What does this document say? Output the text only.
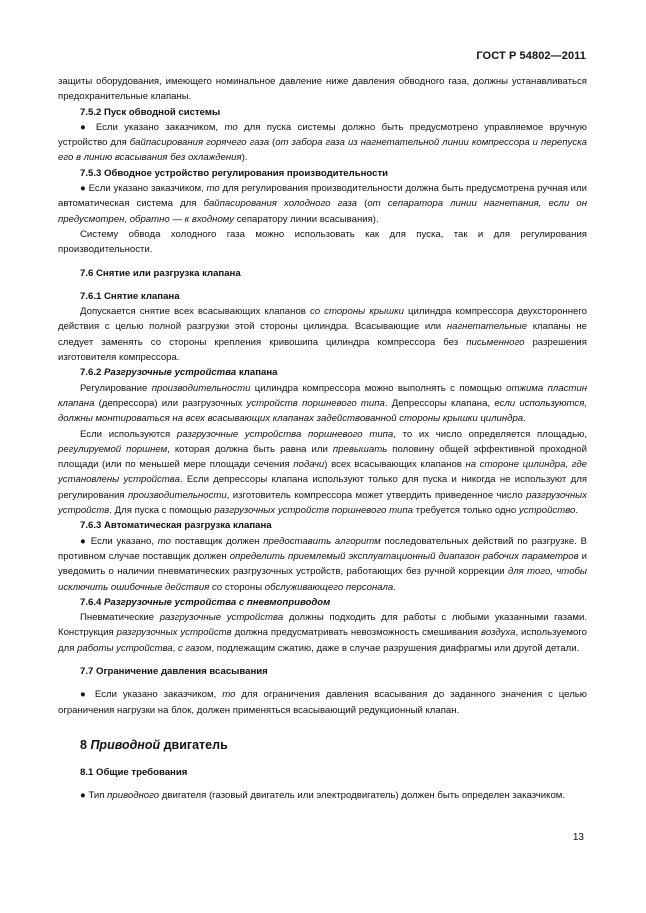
ГОСТ Р 54802—2011

защиты оборудования, имеющего номинальное давление ниже давления обводного газа, должны устанавливаться предохранительные клапаны.

7.5.2 Пуск обводной системы

● Если указано заказчиком, то для пуска системы должно быть предусмотрено управляемое вручную устройство для байпасирования горячего газа (от забора газа из нагнетательной линии компрессора и перепуска его в линию всасывания без охлаждения).

7.5.3 Обводное устройство регулирования производительности

● Если указано заказчиком, то для регулирования производительности должна быть предусмотрена ручная или автоматическая система для байпасирования холодного газа (от сепаратора линии нагнетания, если он предусмотрен, обратно — к входному сепаратору линии всасывания).

Систему обвода холодного газа можно использовать как для пуска, так и для регулирования производительности.

7.6 Снятие или разгрузка клапана

7.6.1 Снятие клапана

Допускается снятие всех всасывающих клапанов со стороны крышки цилиндра компрессора двухстороннего действия с целью полной разгрузки этой стороны цилиндра. Всасывающие или нагнетательные клапаны не следует заменять со стороны крепления кривошипа цилиндра компрессора без письменного разрешения изготовителя компрессора.

7.6.2 Разгрузочные устройства клапана

Регулирование производительности цилиндра компрессора можно выполнять с помощью отжима пластин клапана (депрессора) или разгрузочных устройств поршневого типа. Депрессоры клапана, если используются, должны монтироваться на всех всасывающих клапанах задействованной стороны крышки цилиндра.

Если используются разгрузочные устройства поршневого типа, то их число определяется площадью, регулируемой поршнем, которая должна быть равна или превышать половину общей эффективной проходной площади (или по меньшей мере площади сечения подачи) всех всасывающих клапанов на стороне цилиндра, где установлены устройства. Если депрессоры клапана используют только для пуска и никогда не используют для регулирования производительности, изготовитель компрессора может утвердить приведенное число разгрузочных устройств. Для пуска с помощью разгрузочных устройств поршневого типа требуется только одно устройство.

7.6.3 Автоматическая разгрузка клапана

● Если указано, то поставщик должен предоставить алгоритм последовательных действий по разгрузке. В противном случае поставщик должен определить приемлемый эксплуатационный диапазон рабочих параметров и уведомить о наличии пневматических разгрузочных устройств, работающих без ручной коррекции для того, чтобы исключить ошибочные действия со стороны обслуживающего персонала.

7.6.4 Разгрузочные устройства с пневмоприводом

Пневматические разгрузочные устройства должны подходить для работы с любыми указанными газами. Конструкция разгрузочных устройств должна предусматривать невозможность смешивания воздуха, используемого для работы устройства, с газом, подлежащим сжатию, даже в случае разрушения диафрагмы или другой детали.

7.7 Ограничение давления всасывания

● Если указано заказчиком, то для ограничения давления всасывания до заданного значения с целью ограничения нагрузки на блок, должен применяться всасывающий редукционный клапан.

8 Приводной двигатель

8.1 Общие требования

● Тип приводного двигателя (газовый двигатель или электродвигатель) должен быть определен заказчиком.

13
